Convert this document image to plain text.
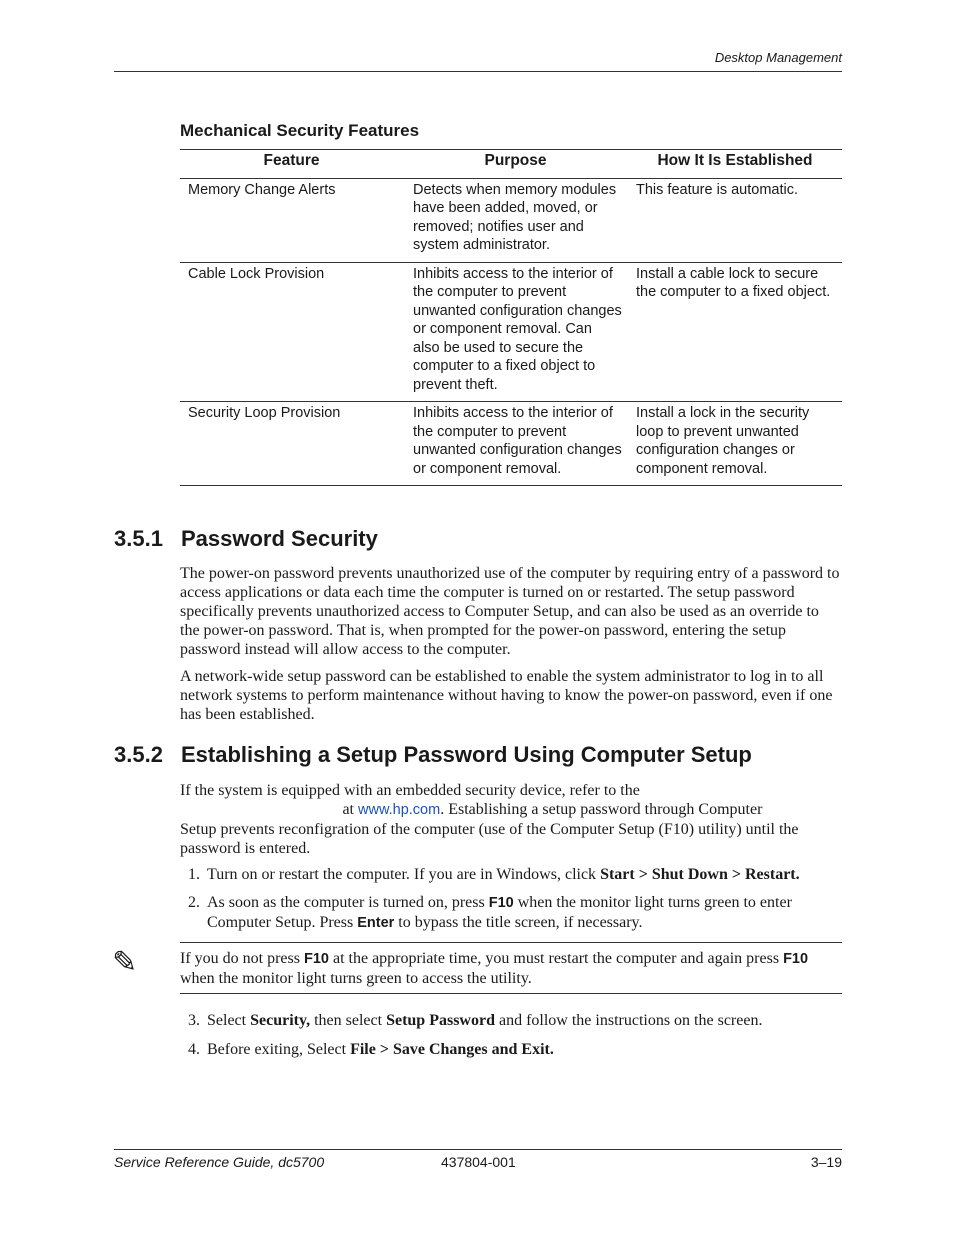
Desktop Management
Mechanical Security Features
Feature	Purpose	How It Is Established
Memory Change Alerts	Detects when memory modules have been added, moved, or removed; notifies user and system administrator.	This feature is automatic.
Cable Lock Provision	Inhibits access to the interior of the computer to prevent unwanted configuration changes or component removal. Can also be used to secure the computer to a fixed object to prevent theft.	Install a cable lock to secure the computer to a fixed object.
Security Loop Provision	Inhibits access to the interior of the computer to prevent unwanted configuration changes or component removal.	Install a lock in the security loop to prevent unwanted configuration changes or component removal.
3.5.1 Password Security

The power-on password prevents unauthorized use of the computer by requiring entry of a password to access applications or data each time the computer is turned on or restarted. The setup password specifically prevents unauthorized access to Computer Setup, and can also be used as an override to the power-on password. That is, when prompted for the power-on password, entering the setup password instead will allow access to the computer.

A network-wide setup password can be established to enable the system administrator to log in to all network systems to perform maintenance without having to know the power-on password, even if one has been established.

3.5.2 Establishing a Setup Password Using Computer Setup

If the system is equipped with an embedded security device, refer to the
at www.hp.com. Establishing a setup password through Computer
Setup prevents reconfigration of the computer (use of the Computer Setup (F10) utility) until the password is entered.

1. Turn on or restart the computer. If you are in Windows, click Start > Shut Down > Restart.

2. As soon as the computer is turned on, press F10 when the monitor light turns green to enter Computer Setup. Press Enter to bypass the title screen, if necessary.

✎	If you do not press F10 at the appropriate time, you must restart the computer and again press F10 when the monitor light turns green to access the utility.

3. Select Security, then select Setup Password and follow the instructions on the screen.

4. Before exiting, Select File > Save Changes and Exit.

Service Reference Guide, dc5700	437804-001	3–19
